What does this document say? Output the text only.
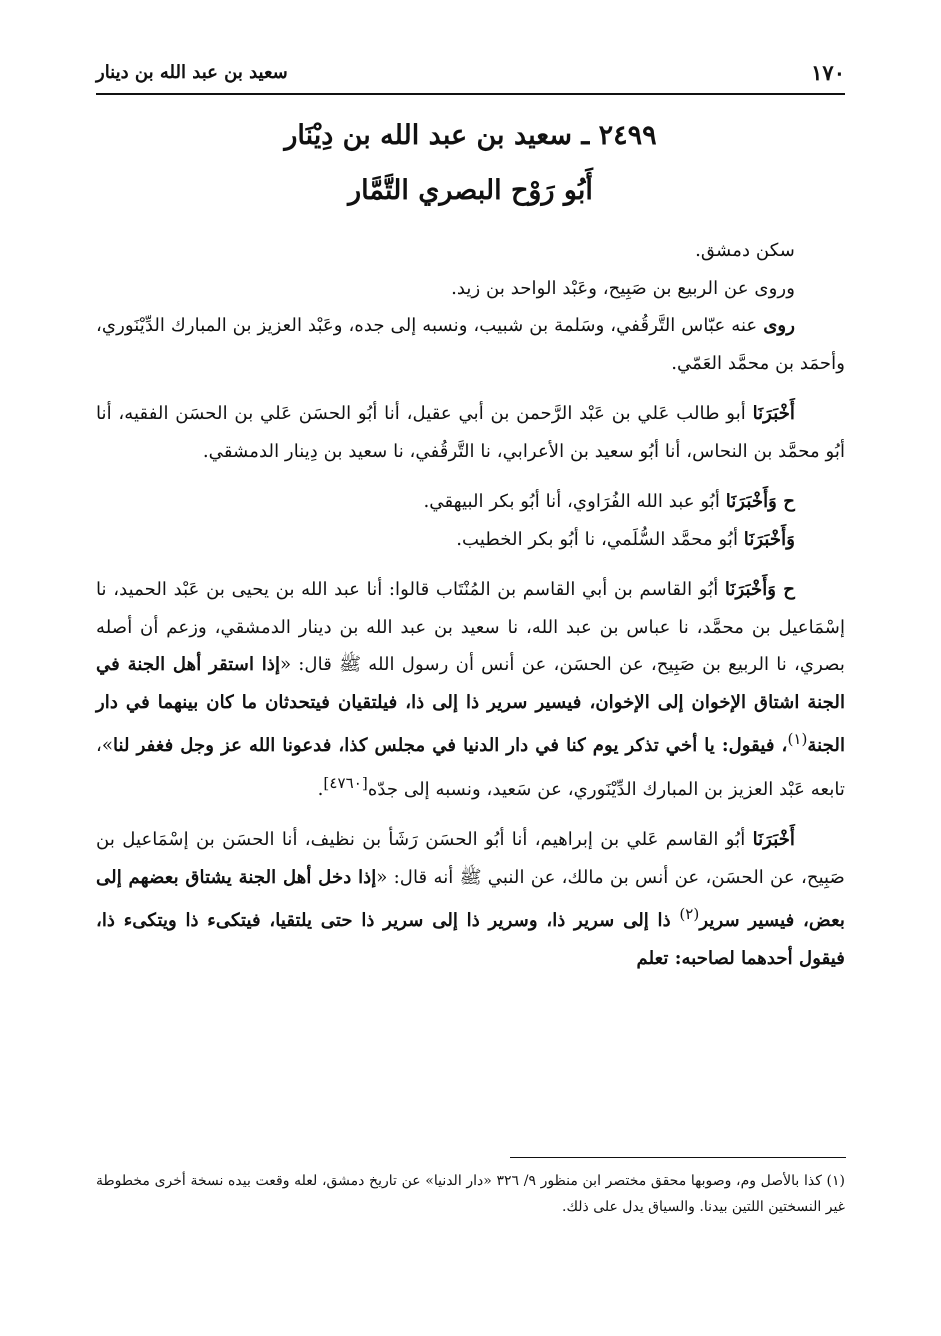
سعيد بن عبد الله بن دينار	١٧٠
٢٤٩٩ ـ سعيد بن عبد الله بن دِيْنَار
أَبُو رَوْح البصري التَّمَّار

سكن دمشق.

وروى عن الربيع بن صَبِيح، وعَبْد الواحد بن زيد.

روى عنه عبّاس التَّرقُفي، وسَلمة بن شبيب، ونسبه إلى جده، وعَبْد العزيز بن المبارك الدِّيْنَوري، وأحمَد بن محمَّد العَمّي.

أَخْبَرَنَا أبو طالب عَلي بن عَبْد الرَّحمن بن أبي عقيل، أنا أبُو الحسَن عَلي بن الحسَن الفقيه، أنا أبُو محمَّد بن النحاس، أنا أبُو سعيد بن الأعرابي، نا التَّرقُفي، نا سعيد بن دِينار الدمشقي.

ح وَأَخْبَرَنَا أبُو عبد الله الفُرَاوي، أنا أبُو بكر البيهقي.

وَأَخْبَرَنَا أبُو محمَّد السُّلَمي، نا أبُو بكر الخطيب.

ح وَأَخْبَرَنَا أبُو القاسم بن أبي القاسم بن المُنْتَاب قالوا: أنا عبد الله بن يحيى بن عَبْد الحميد، نا إسْمَاعيل بن محمَّد، نا عباس بن عبد الله، نا سعيد بن عبد الله بن دينار الدمشقي، وزعم أن أصله بصري، نا الربيع بن صَبِيح، عن الحسَن، عن أنس أن رسول الله ﷺ قال: «إذا استقر أهل الجنة في الجنة اشتاق الإخوان إلى الإخوان، فيسير سرير ذا إلى ذا، فيلتقيان فيتحدثان ما كان بينهما في دار الجنة$^{(١)}$، فيقول: يا أخي تذكر يوم كنا في دار الدنيا في مجلس كذا، فدعونا الله عز وجل فغفر لنا»، تابعه عَبْد العزيز بن المبارك الدِّيْنَوري، عن سَعيد، ونسبه إلى جدّه[٤٧٦٠].

أَخْبَرَنَا أبُو القاسم عَلي بن إبراهيم، أنا أبُو الحسَن رَشَأ بن نظيف، أنا الحسَن بن إسْمَاعيل بن صَبِيح، عن الحسَن، عن أنس بن مالك، عن النبي ﷺ أنه قال: «إذا دخل أهل الجنة يشتاق بعضهم إلى بعض، فيسير سرير$^{(٢)}$ ذا إلى سرير ذا، وسرير ذا إلى سرير ذا حتى يلتقيا، فيتكىء ذا ويتكىء ذا، فيقول أحدهما لصاحبه: تعلم

(١) كذا بالأصل وم، وصوبها محقق مختصر ابن منظور ٩/ ٣٢٦ «دار الدنيا» عن تاريخ دمشق، لعله وقعت بيده نسخة أخرى مخطوطة غير النسختين اللتين بيدنا. والسياق يدل على ذلك.
